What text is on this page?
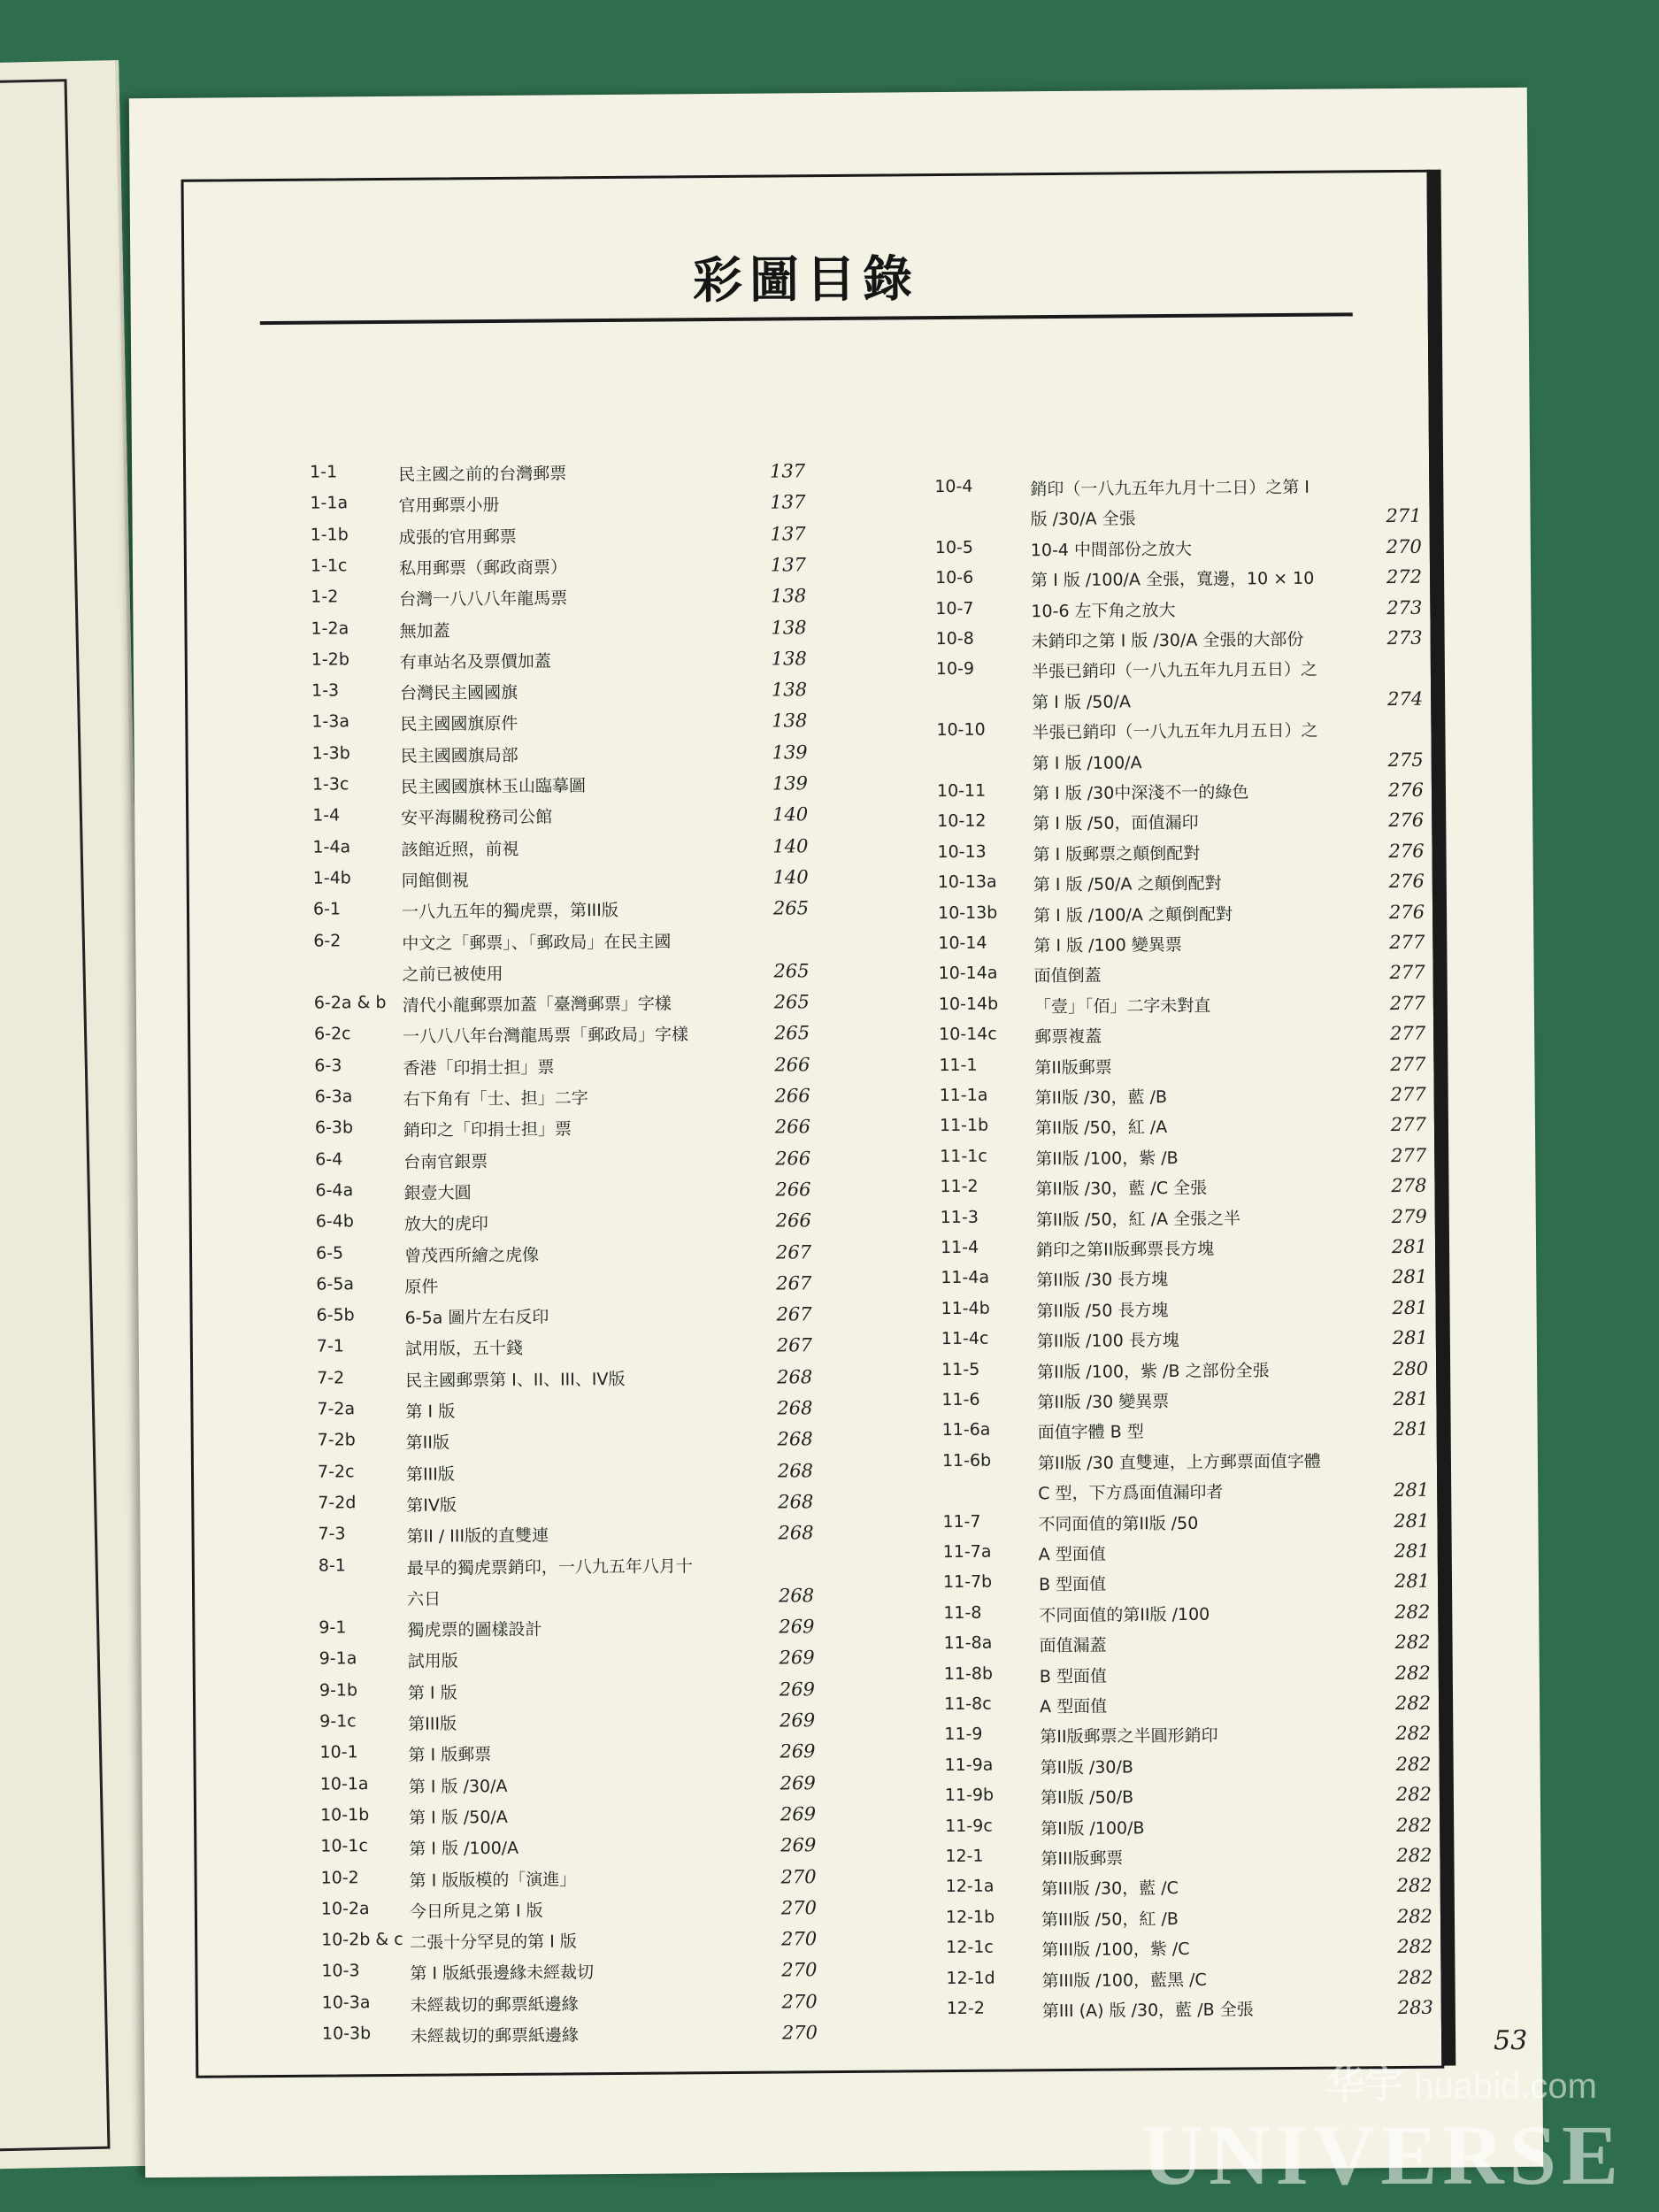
彩圖目錄
1-1	民主國之前的台灣郵票	137
1-1a	官用郵票小册	137
1-1b	成張的官用郵票	137
1-1c	私用郵票（郵政商票）	137
1-2	台灣一八八八年龍馬票	138
1-2a	無加蓋	138
1-2b	有車站名及票價加蓋	138
1-3	台灣民主國國旗	138
1-3a	民主國國旗原件	138
1-3b	民主國國旗局部	139
1-3c	民主國國旗林玉山臨摹圖	139
1-4	安平海關稅務司公館	140
1-4a	該館近照，前視	140
1-4b	同館側視	140
6-1	一八九五年的獨虎票，第III版	265
6-2	中文之「郵票」、「郵政局」在民主國
之前已被使用	265
6-2a & b 清代小龍郵票加蓋「臺灣郵票」字樣	265
6-2c	一八八八年台灣龍馬票「郵政局」字樣	265
6-3	香港「印捐士担」票	266
6-3a	右下角有「士、担」二字	266
6-3b	銷印之「印捐士担」票	266
6-4	台南官銀票	266
6-4a	銀壹大圓	266
6-4b	放大的虎印	266
6-5	曾茂西所繪之虎像	267
6-5a	原件	267
6-5b	6-5a 圖片左右反印	267
7-1	試用版，五十錢	267
7-2	民主國郵票第 I、II、III、IV版	268
7-2a	第 I 版	268
7-2b	第II版	268
7-2c	第III版	268
7-2d	第IV版	268
7-3	第II / III版的直雙連	268
8-1	最早的獨虎票銷印，一八九五年八月十
六日	268
9-1	獨虎票的圖樣設計	269
9-1a	試用版	269
9-1b	第 I 版	269
9-1c	第III版	269
10-1	第 I 版郵票	269
10-1a	第 I 版 /30/A	269
10-1b	第 I 版 /50/A	269
10-1c	第 I 版 /100/A	269
10-2	第 I 版版模的「演進」	270
10-2a	今日所見之第 I 版	270
10-2b & c 二張十分罕見的第 I 版	270
10-3	第 I 版紙張邊緣未經裁切	270
10-3a	未經裁切的郵票紙邊緣	270
10-3b	未經裁切的郵票紙邊緣	270
10-4	銷印（一八九五年九月十二日）之第 I
版 /30/A 全張	271
10-5	10-4 中間部份之放大	270
10-6	第 I 版 /100/A 全張，寬邊，10 × 10	272
10-7	10-6 左下角之放大	273
10-8	未銷印之第 I 版 /30/A 全張的大部份	273
10-9	半張已銷印（一八九五年九月五日）之
第 I 版 /50/A	274
10-10	半張已銷印（一八九五年九月五日）之
第 I 版 /100/A	275
10-11	第 I 版 /30中深淺不一的綠色	276
10-12	第 I 版 /50，面值漏印	276
10-13	第 I 版郵票之顛倒配對	276
10-13a	第 I 版 /50/A 之顛倒配對	276
10-13b	第 I 版 /100/A 之顛倒配對	276
10-14	第 I 版 /100 變異票	277
10-14a	面值倒蓋	277
10-14b	「壹」「佰」二字未對直	277
10-14c	郵票複蓋	277
11-1	第II版郵票	277
11-1a	第II版 /30，藍 /B	277
11-1b	第II版 /50，紅 /A	277
11-1c	第II版 /100，紫 /B	277
11-2	第II版 /30，藍 /C 全張	278
11-3	第II版 /50，紅 /A 全張之半	279
11-4	銷印之第II版郵票長方塊	281
11-4a	第II版 /30 長方塊	281
11-4b	第II版 /50 長方塊	281
11-4c	第II版 /100 長方塊	281
11-5	第II版 /100，紫 /B 之部份全張	280
11-6	第II版 /30 變異票	281
11-6a	面值字體 B 型	281
11-6b	第II版 /30 直雙連，上方郵票面值字體
C 型，下方爲面值漏印者	281
11-7	不同面值的第II版 /50	281
11-7a	A 型面值	281
11-7b	B 型面值	281
11-8	不同面值的第II版 /100	282
11-8a	面值漏蓋	282
11-8b	B 型面值	282
11-8c	A 型面值	282
11-9	第II版郵票之半圓形銷印	282
11-9a	第II版 /30/B	282
11-9b	第II版 /50/B	282
11-9c	第II版 /100/B	282
12-1	第III版郵票	282
12-1a	第III版 /30，藍 /C	282
12-1b	第III版 /50，紅 /B	282
12-1c	第III版 /100，紫 /C	282
12-1d	第III版 /100，藍黑 /C	282
12-2	第III (A) 版 /30，藍 /B 全張	283
53
华宇 huabid.com
UNIVERSE
